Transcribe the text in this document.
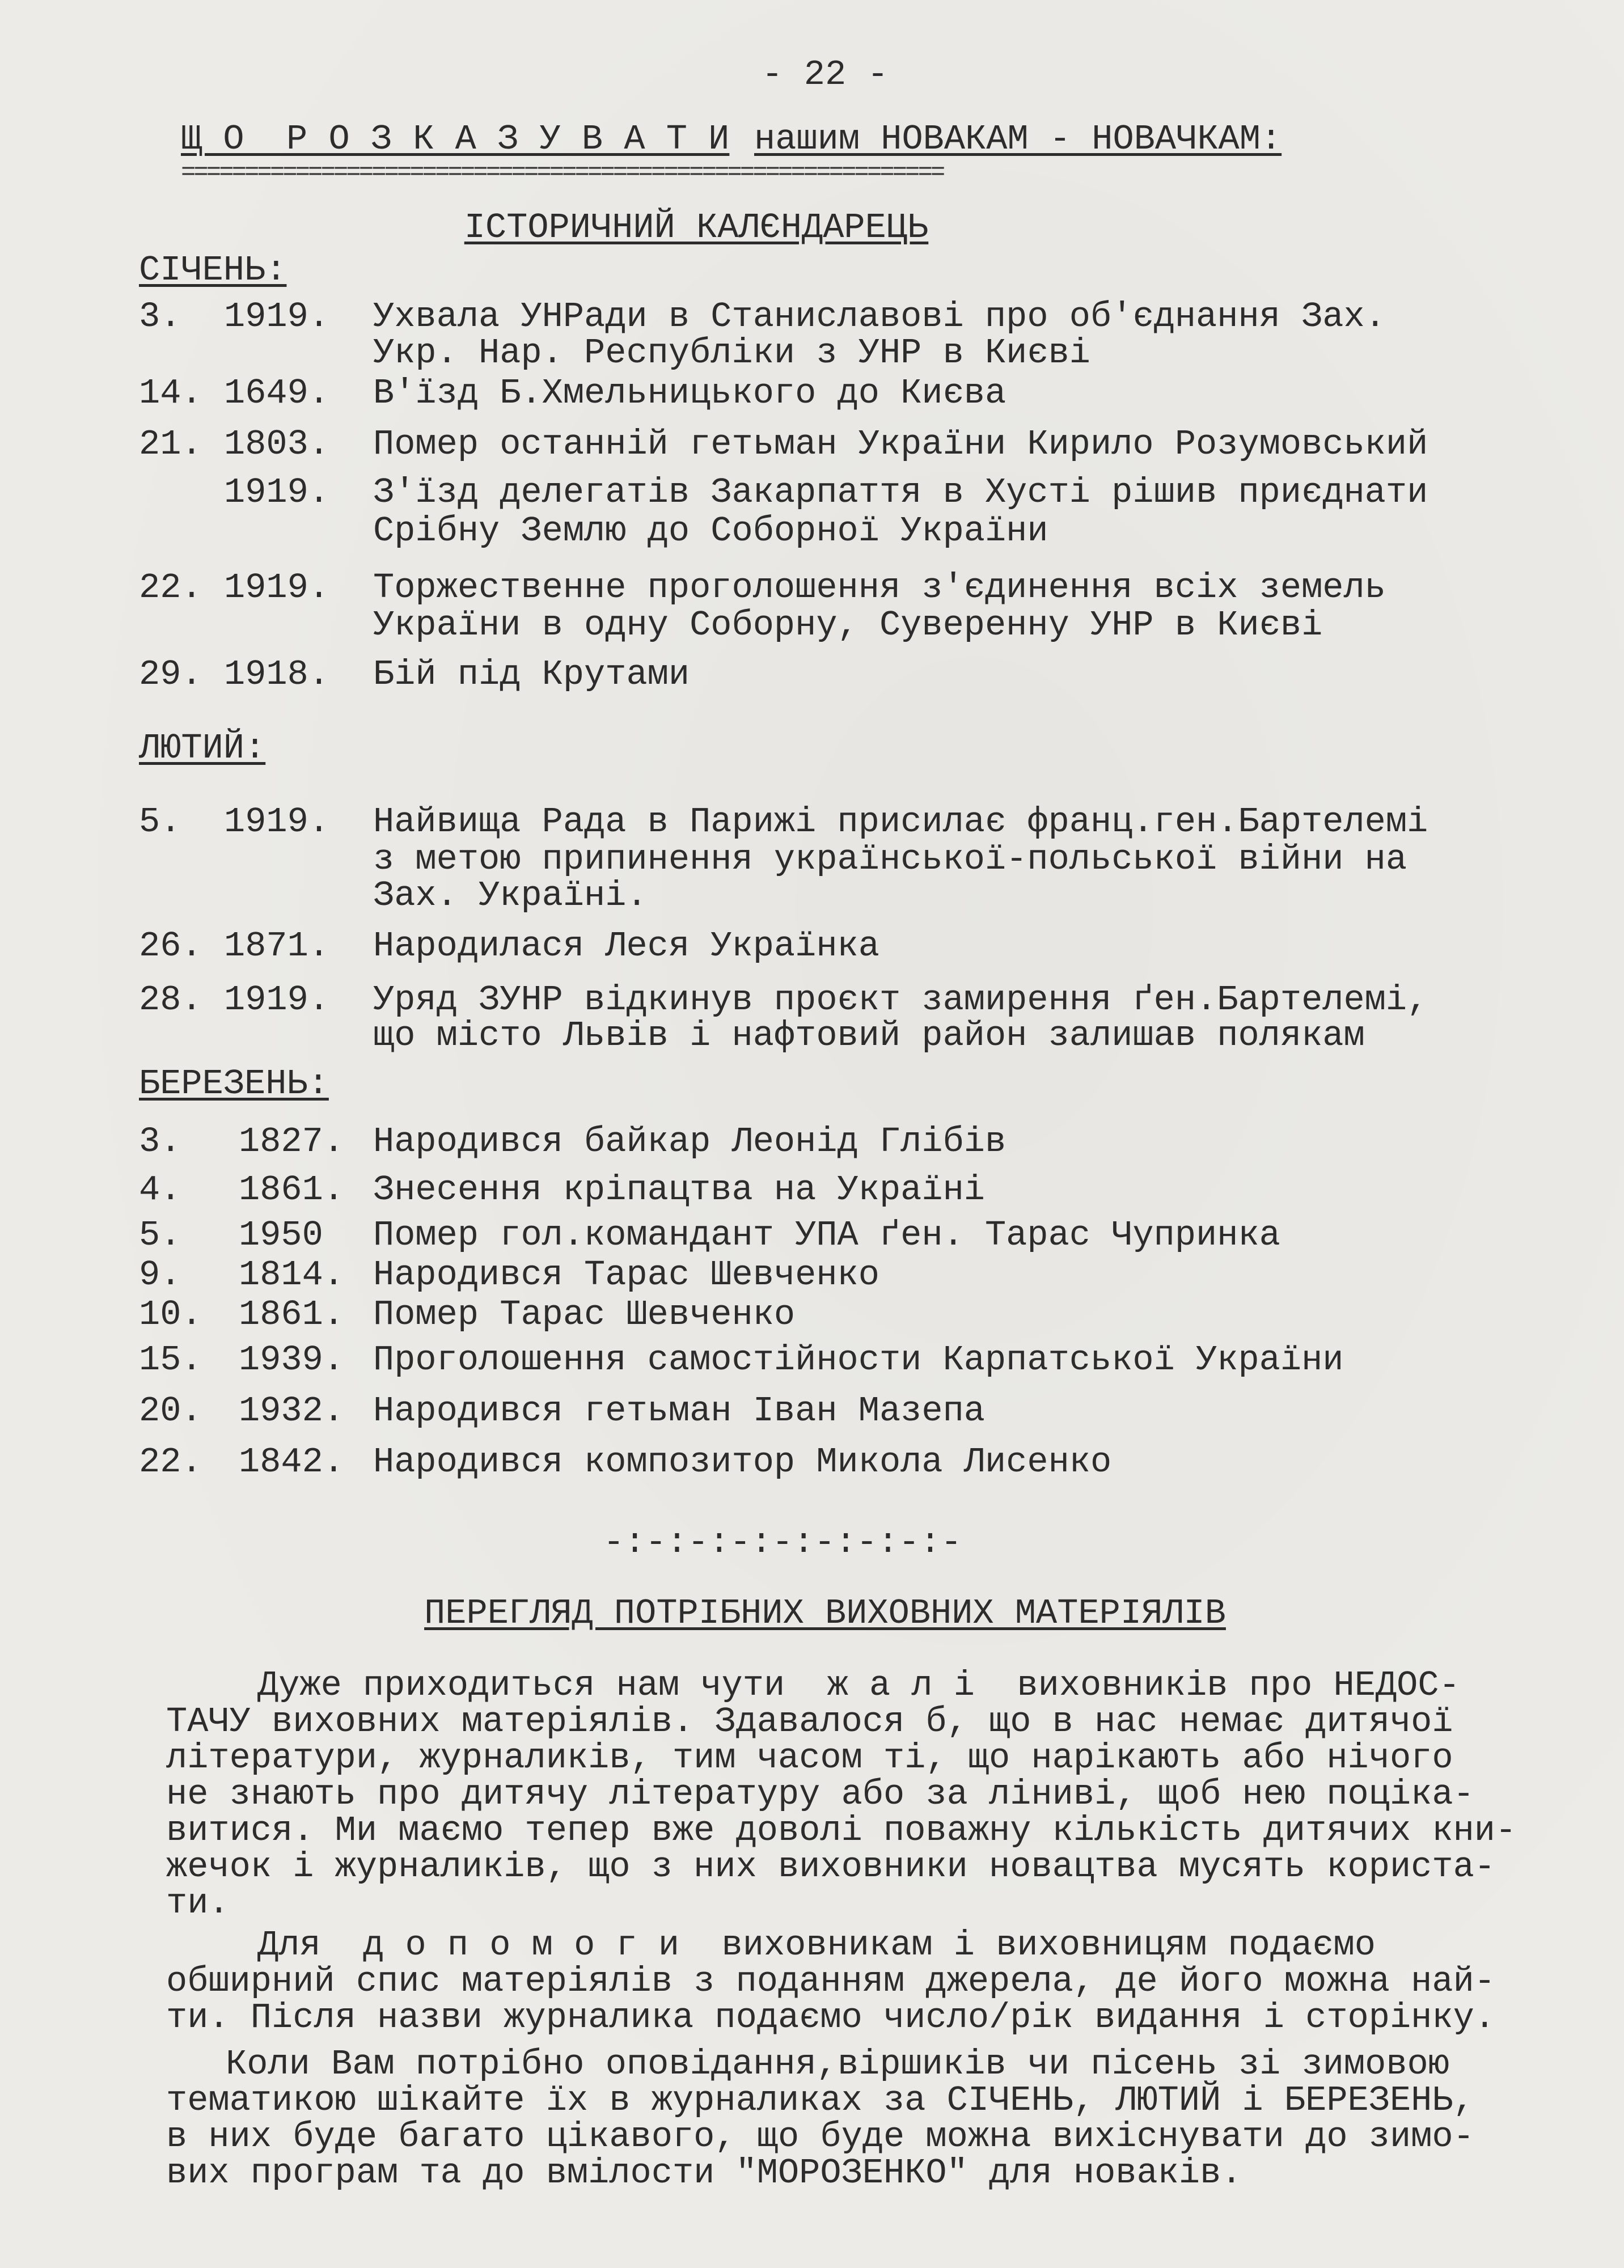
- 22 -
Щ О  Р О З К А З У В А Т И нашим НОВАКАМ - НОВАЧКАМ:
============================================================
ІСТОРИЧНИЙ КАЛЄНДАРЕЦЬ
СІЧЕНЬ:
3. 1919. Ухвала УНРади в Станиславові про об'єднання Зах.
Укр. Нар. Республіки з УНР в Києві
14. 1649. В'їзд Б.Хмельницького до Києва
21. 1803. Помер останній гетьман України Кирило Розумовський
1919. З'їзд делегатів Закарпаття в Хусті рішив приєднати
Срібну Землю до Соборної України
22. 1919. Торжественне проголошення з'єдинення всіх земель
України в одну Соборну, Суверенну УНР в Києві
29. 1918. Бій під Крутами
ЛЮТИЙ:
5. 1919. Найвища Рада в Парижі присилає франц.ген.Бартелемі
з метою припинення української-польської війни на
Зах. Україні.
26. 1871. Народилася Леся Українка
28. 1919. Уряд ЗУНР відкинув проєкт замирення ґен.Бартелемі,
що місто Львів і нафтовий район залишав полякам
БЕРЕЗЕНЬ:
3. 1827. Народився байкар Леонід Глібів
4. 1861. Знесення кріпацтва на Україні
5. 1950 Помер гол.командант УПА ґен. Тарас Чупринка
9. 1814. Народився Тарас Шевченко
10. 1861. Помер Тарас Шевченко
15. 1939. Проголошення самостійности Карпатської України
20. 1932. Народився гетьман Іван Мазепа
22. 1842. Народився композитор Микола Лисенко
-:-:-:-:-:-:-:-:-
ПЕРЕГЛЯД ПОТРІБНИХ ВИХОВНИХ МАТЕРІЯЛІВ
Дуже приходиться нам чути  ж а л і  виховників про НЕДОС-
ТАЧУ виховних матеріялів. Здавалося б, що в нас немає дитячої
літератури, журналиків, тим часом ті, що нарікають або нічого
не знають про дитячу літературу або за ліниві, щоб нею поціка-
витися. Ми маємо тепер вже доволі поважну кількість дитячих кни-
жечок і журналиків, що з них виховники новацтва мусять користа-
ти.
Для  д о п о м о г и  виховникам і виховницям подаємо
обширний спис матеріялів з поданням джерела, де його можна най-
ти. Після назви журналика подаємо число/рік видання і сторінку.
Коли Вам потрібно оповідання,віршиків чи пісень зі зимовою
тематикою шікайте їх в журналиках за СІЧЕНЬ, ЛЮТИЙ і БЕРЕЗЕНЬ,
в них буде багато цікавого, що буде можна вихіснувати до зимо-
вих програм та до вмілости "МОРОЗЕНКО" для новаків.
